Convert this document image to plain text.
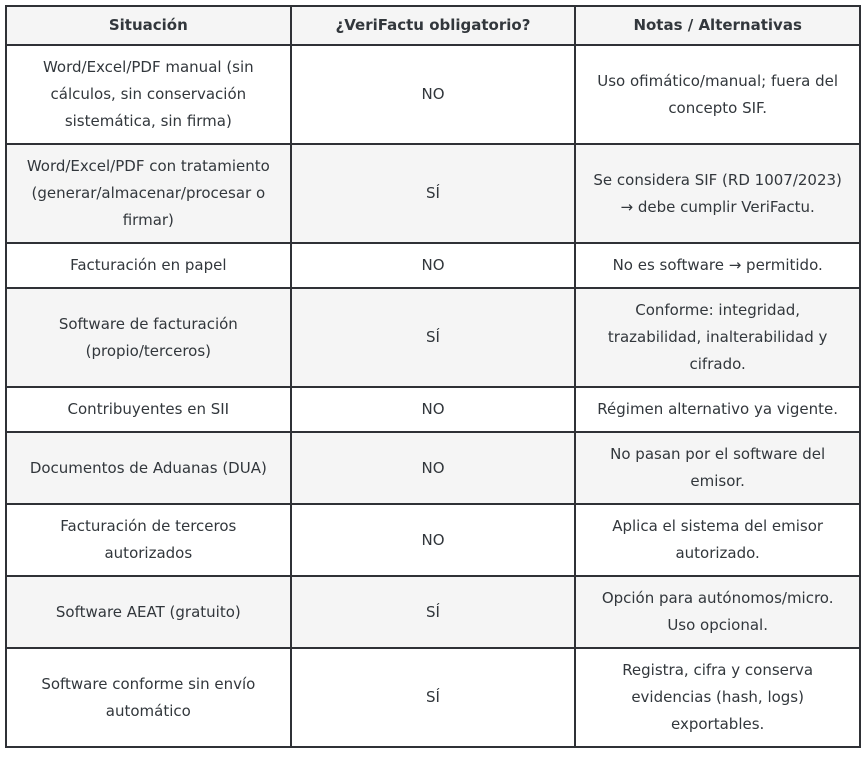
Situación	¿VeriFactu obligatorio?	Notas / Alternativas
Word/Excel/PDF manual (sin cálculos, sin conservación sistemática, sin firma)	NO	Uso ofimático/manual; fuera del concepto SIF.
Word/Excel/PDF con tratamiento (generar/almacenar/procesar o firmar)	SÍ	Se considera SIF (RD 1007/2023) → debe cumplir VeriFactu.
Facturación en papel	NO	No es software → permitido.
Software de facturación (propio/terceros)	SÍ	Conforme: integridad, trazabilidad, inalterabilidad y cifrado.
Contribuyentes en SII	NO	Régimen alternativo ya vigente.
Documentos de Aduanas (DUA)	NO	No pasan por el software del emisor.
Facturación de terceros autorizados	NO	Aplica el sistema del emisor autorizado.
Software AEAT (gratuito)	SÍ	Opción para autónomos/micro. Uso opcional.
Software conforme sin envío automático	SÍ	Registra, cifra y conserva evidencias (hash, logs) exportables.
